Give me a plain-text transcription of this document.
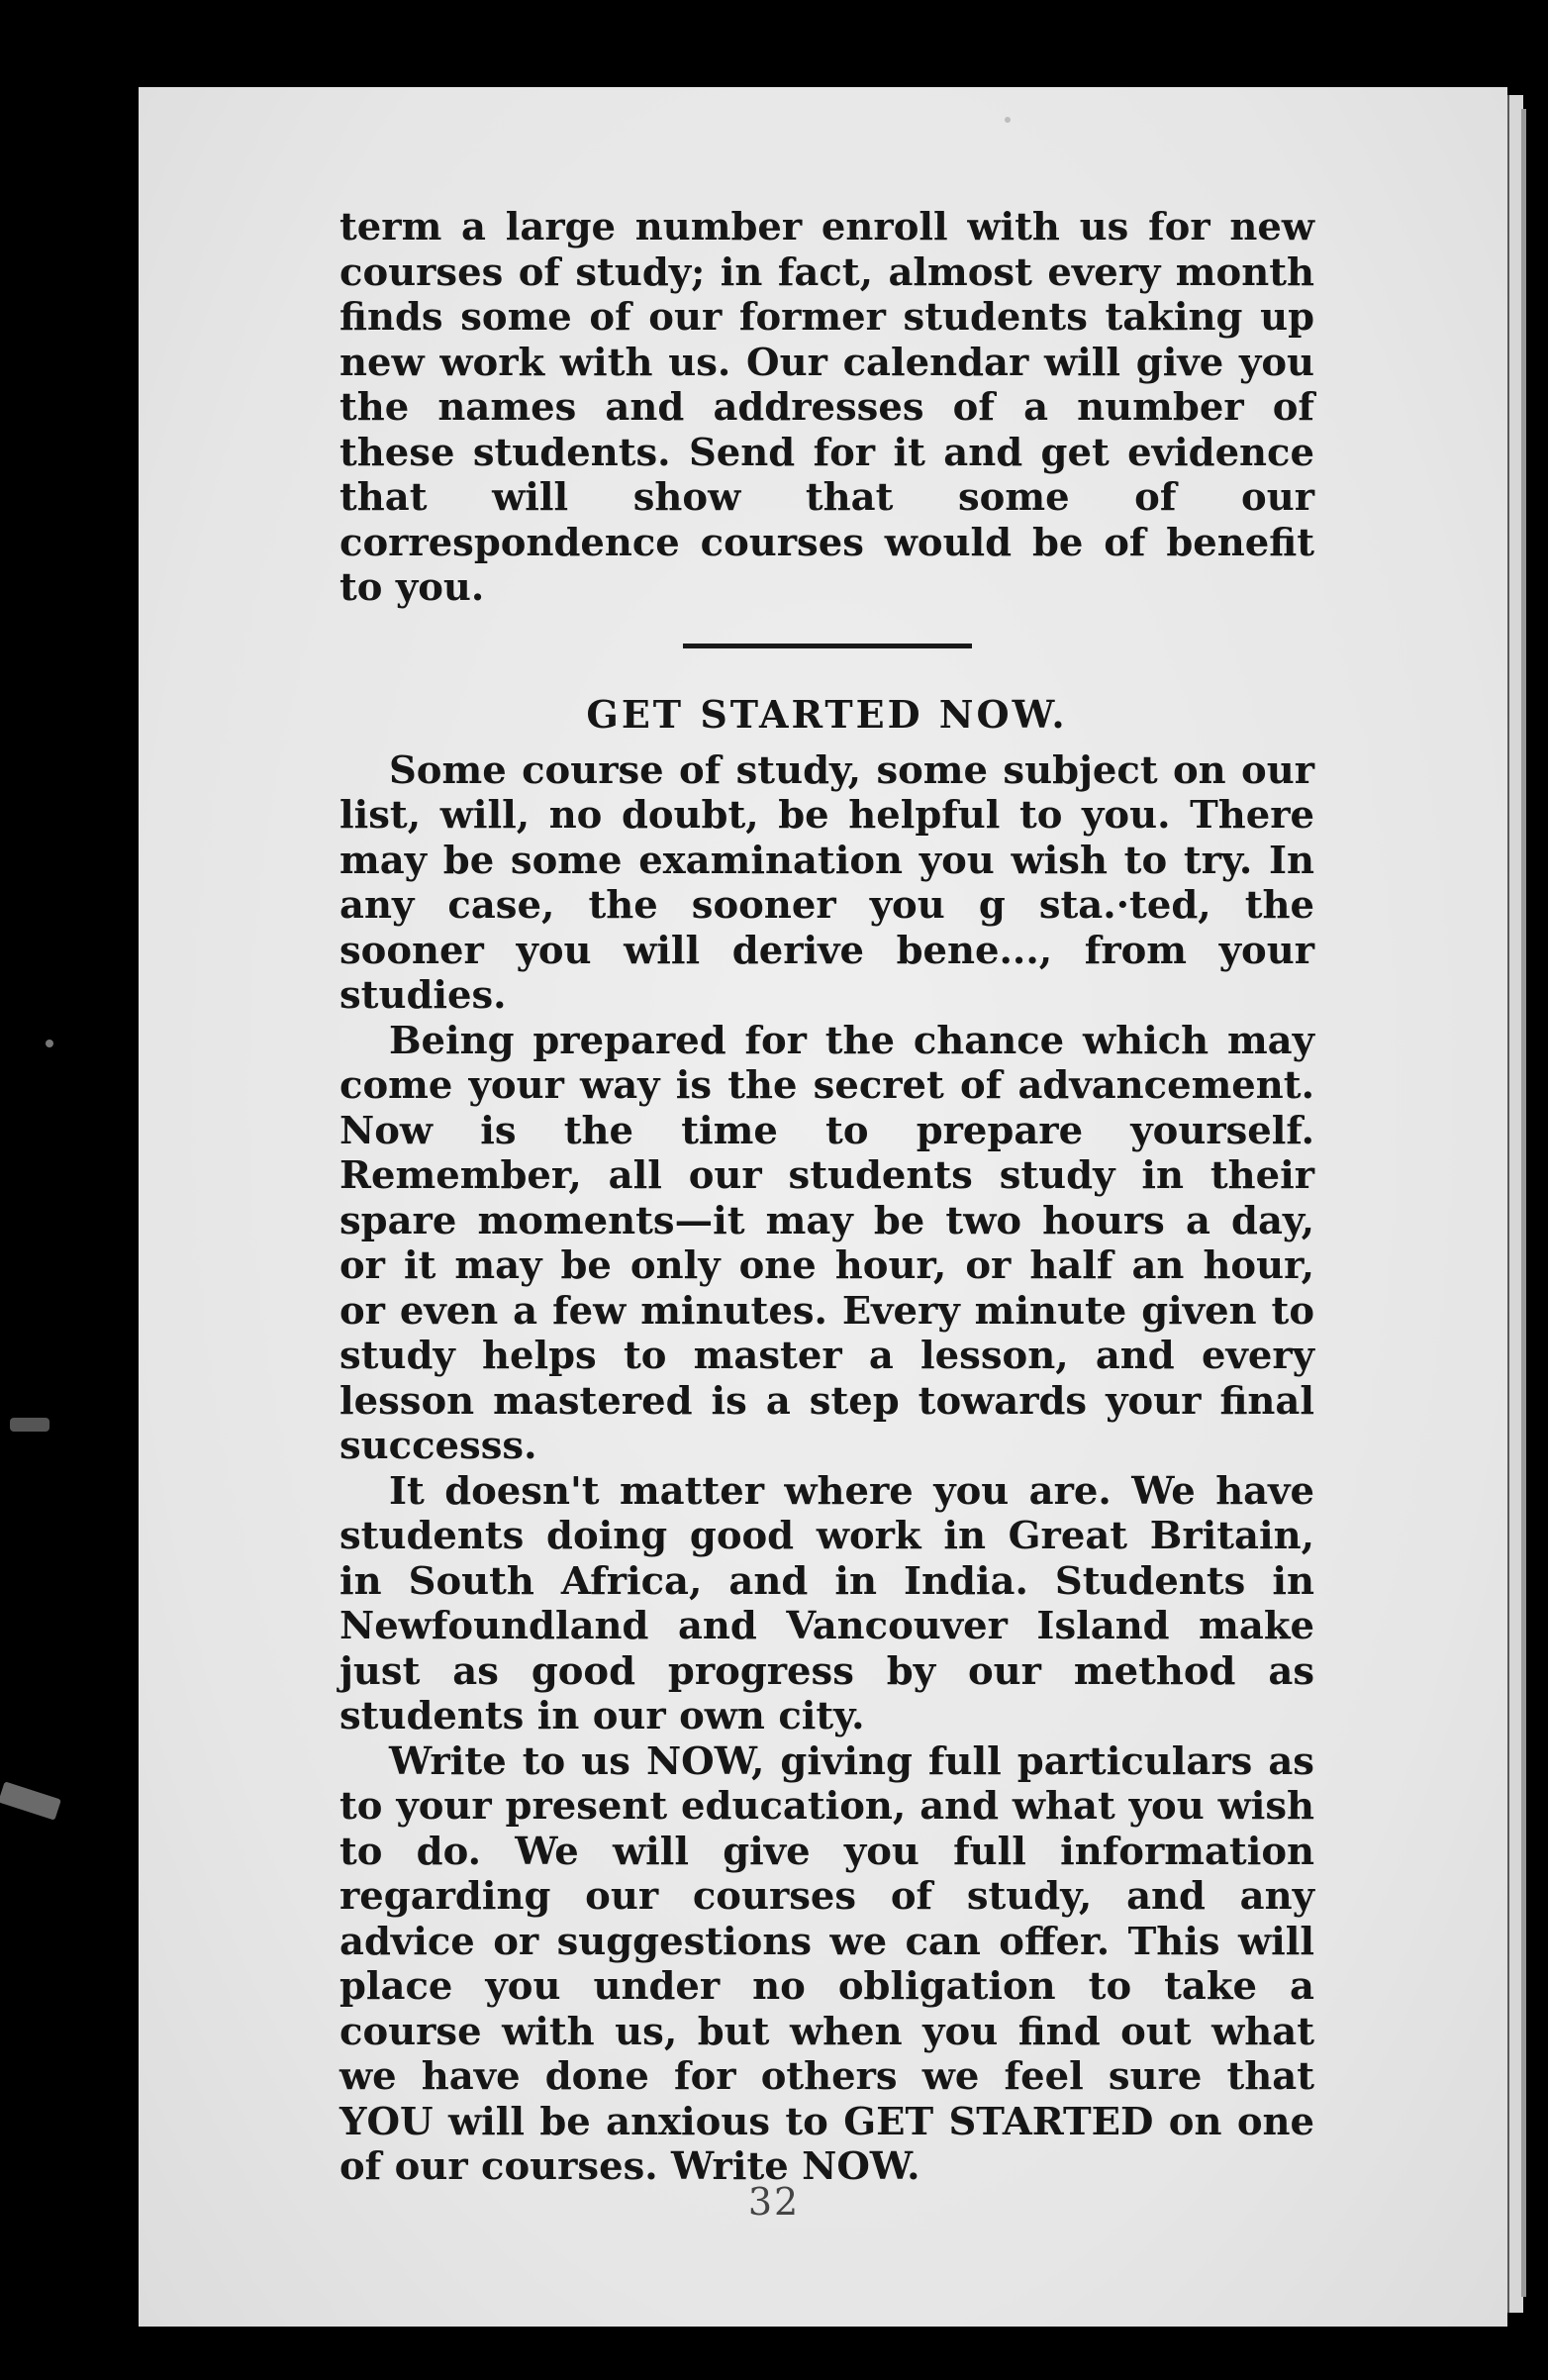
term a large number enroll with us for new courses of study; in fact, almost every month finds some of our former students taking up new work with us. Our calendar will give you the names and addresses of a number of these students. Send for it and get evidence that will show that some of our correspondence courses would be of benefit to you.

GET STARTED NOW.

Some course of study, some subject on our list, will, no doubt, be helpful to you. There may be some examination you wish to try. In any case, the sooner you g sta.·ted, the sooner you will derive bene..., from your studies.

Being prepared for the chance which may come your way is the secret of advancement. Now is the time to prepare yourself. Remember, all our students study in their spare moments—it may be two hours a day, or it may be only one hour, or half an hour, or even a few minutes. Every minute given to study helps to master a lesson, and every lesson mastered is a step towards your final successs.

It doesn't matter where you are. We have students doing good work in Great Britain, in South Africa, and in India. Students in Newfoundland and Vancouver Island make just as good progress by our method as students in our own city.

Write to us NOW, giving full particulars as to your present education, and what you wish to do. We will give you full information regarding our courses of study, and any advice or suggestions we can offer. This will place you under no obligation to take a course with us, but when you find out what we have done for others we feel sure that YOU will be anxious to GET STARTED on one of our courses. Write NOW.

32
